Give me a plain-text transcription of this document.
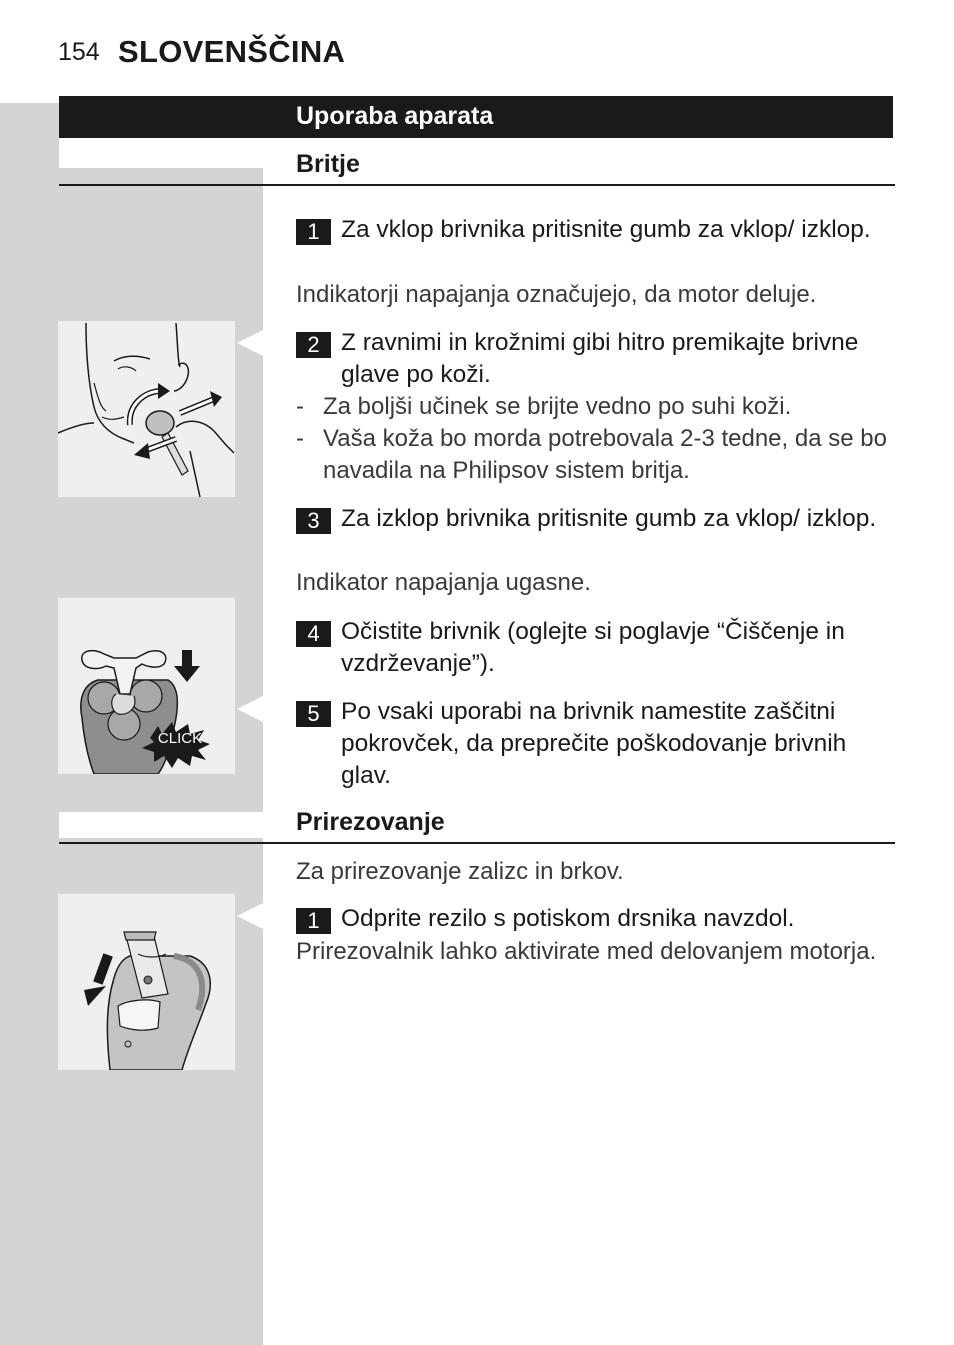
154 SLOVENŠČINA
Uporaba aparata
Britje
1 Za vklop brivnika pritisnite gumb za vklop/ izklop.
Indikatorji napajanja označujejo, da motor deluje.
2 Z ravnimi in krožnimi gibi hitro premikajte brivne glave po koži.
- Za boljši učinek se brijte vedno po suhi koži.
- Vaša koža bo morda potrebovala 2-3 tedne, da se bo navadila na Philipsov sistem britja.
3 Za izklop brivnika pritisnite gumb za vklop/ izklop.
Indikator napajanja ugasne.
4 Očistite brivnik (oglejte si poglavje “Čiščenje in vzdrževanje”).
5 Po vsaki uporabi na brivnik namestite zaščitni pokrovček, da preprečite poškodovanje brivnih glav.
Prirezovanje
Za prirezovanje zalizc in brkov.
1 Odprite rezilo s potiskom drsnika navzdol.
Prirezovalnik lahko aktivirate med delovanjem motorja.
CLICK
